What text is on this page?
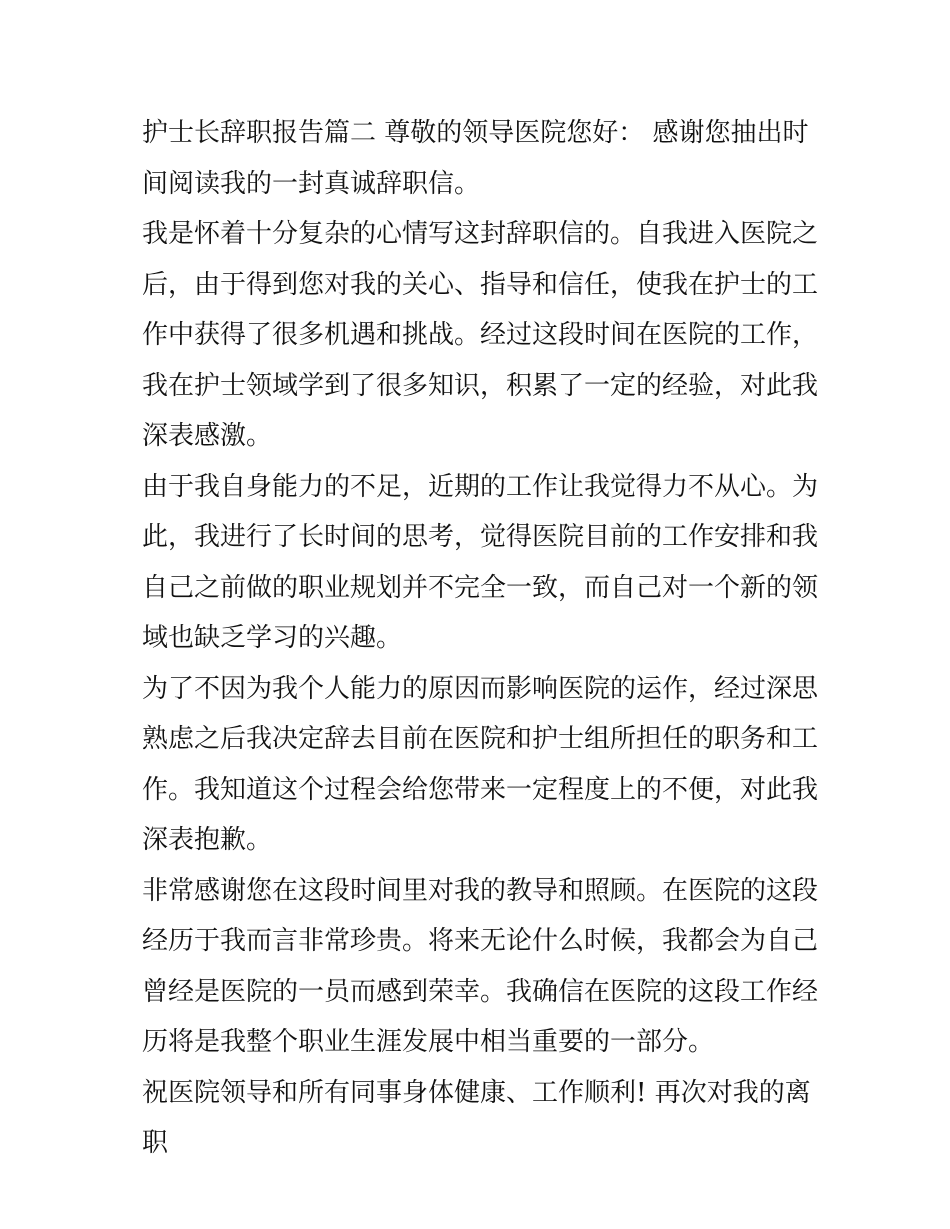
护士长辞职报告篇二 尊敬的领导医院您好： 感谢您抽出时间阅读我的一封真诚辞职信。

我是怀着十分复杂的心情写这封辞职信的。自我进入医院之后，由于得到您对我的关心、指导和信任，使我在护士的工作中获得了很多机遇和挑战。经过这段时间在医院的工作，我在护士领域学到了很多知识，积累了一定的经验，对此我深表感激。

由于我自身能力的不足，近期的工作让我觉得力不从心。为此，我进行了长时间的思考，觉得医院目前的工作安排和我自己之前做的职业规划并不完全一致，而自己对一个新的领域也缺乏学习的兴趣。

为了不因为我个人能力的原因而影响医院的运作，经过深思熟虑之后我决定辞去目前在医院和护士组所担任的职务和工作。我知道这个过程会给您带来一定程度上的不便，对此我深表抱歉。

非常感谢您在这段时间里对我的教导和照顾。在医院的这段经历于我而言非常珍贵。将来无论什么时候，我都会为自己曾经是医院的一员而感到荣幸。我确信在医院的这段工作经历将是我整个职业生涯发展中相当重要的一部分。

祝医院领导和所有同事身体健康、工作顺利! 再次对我的离职
